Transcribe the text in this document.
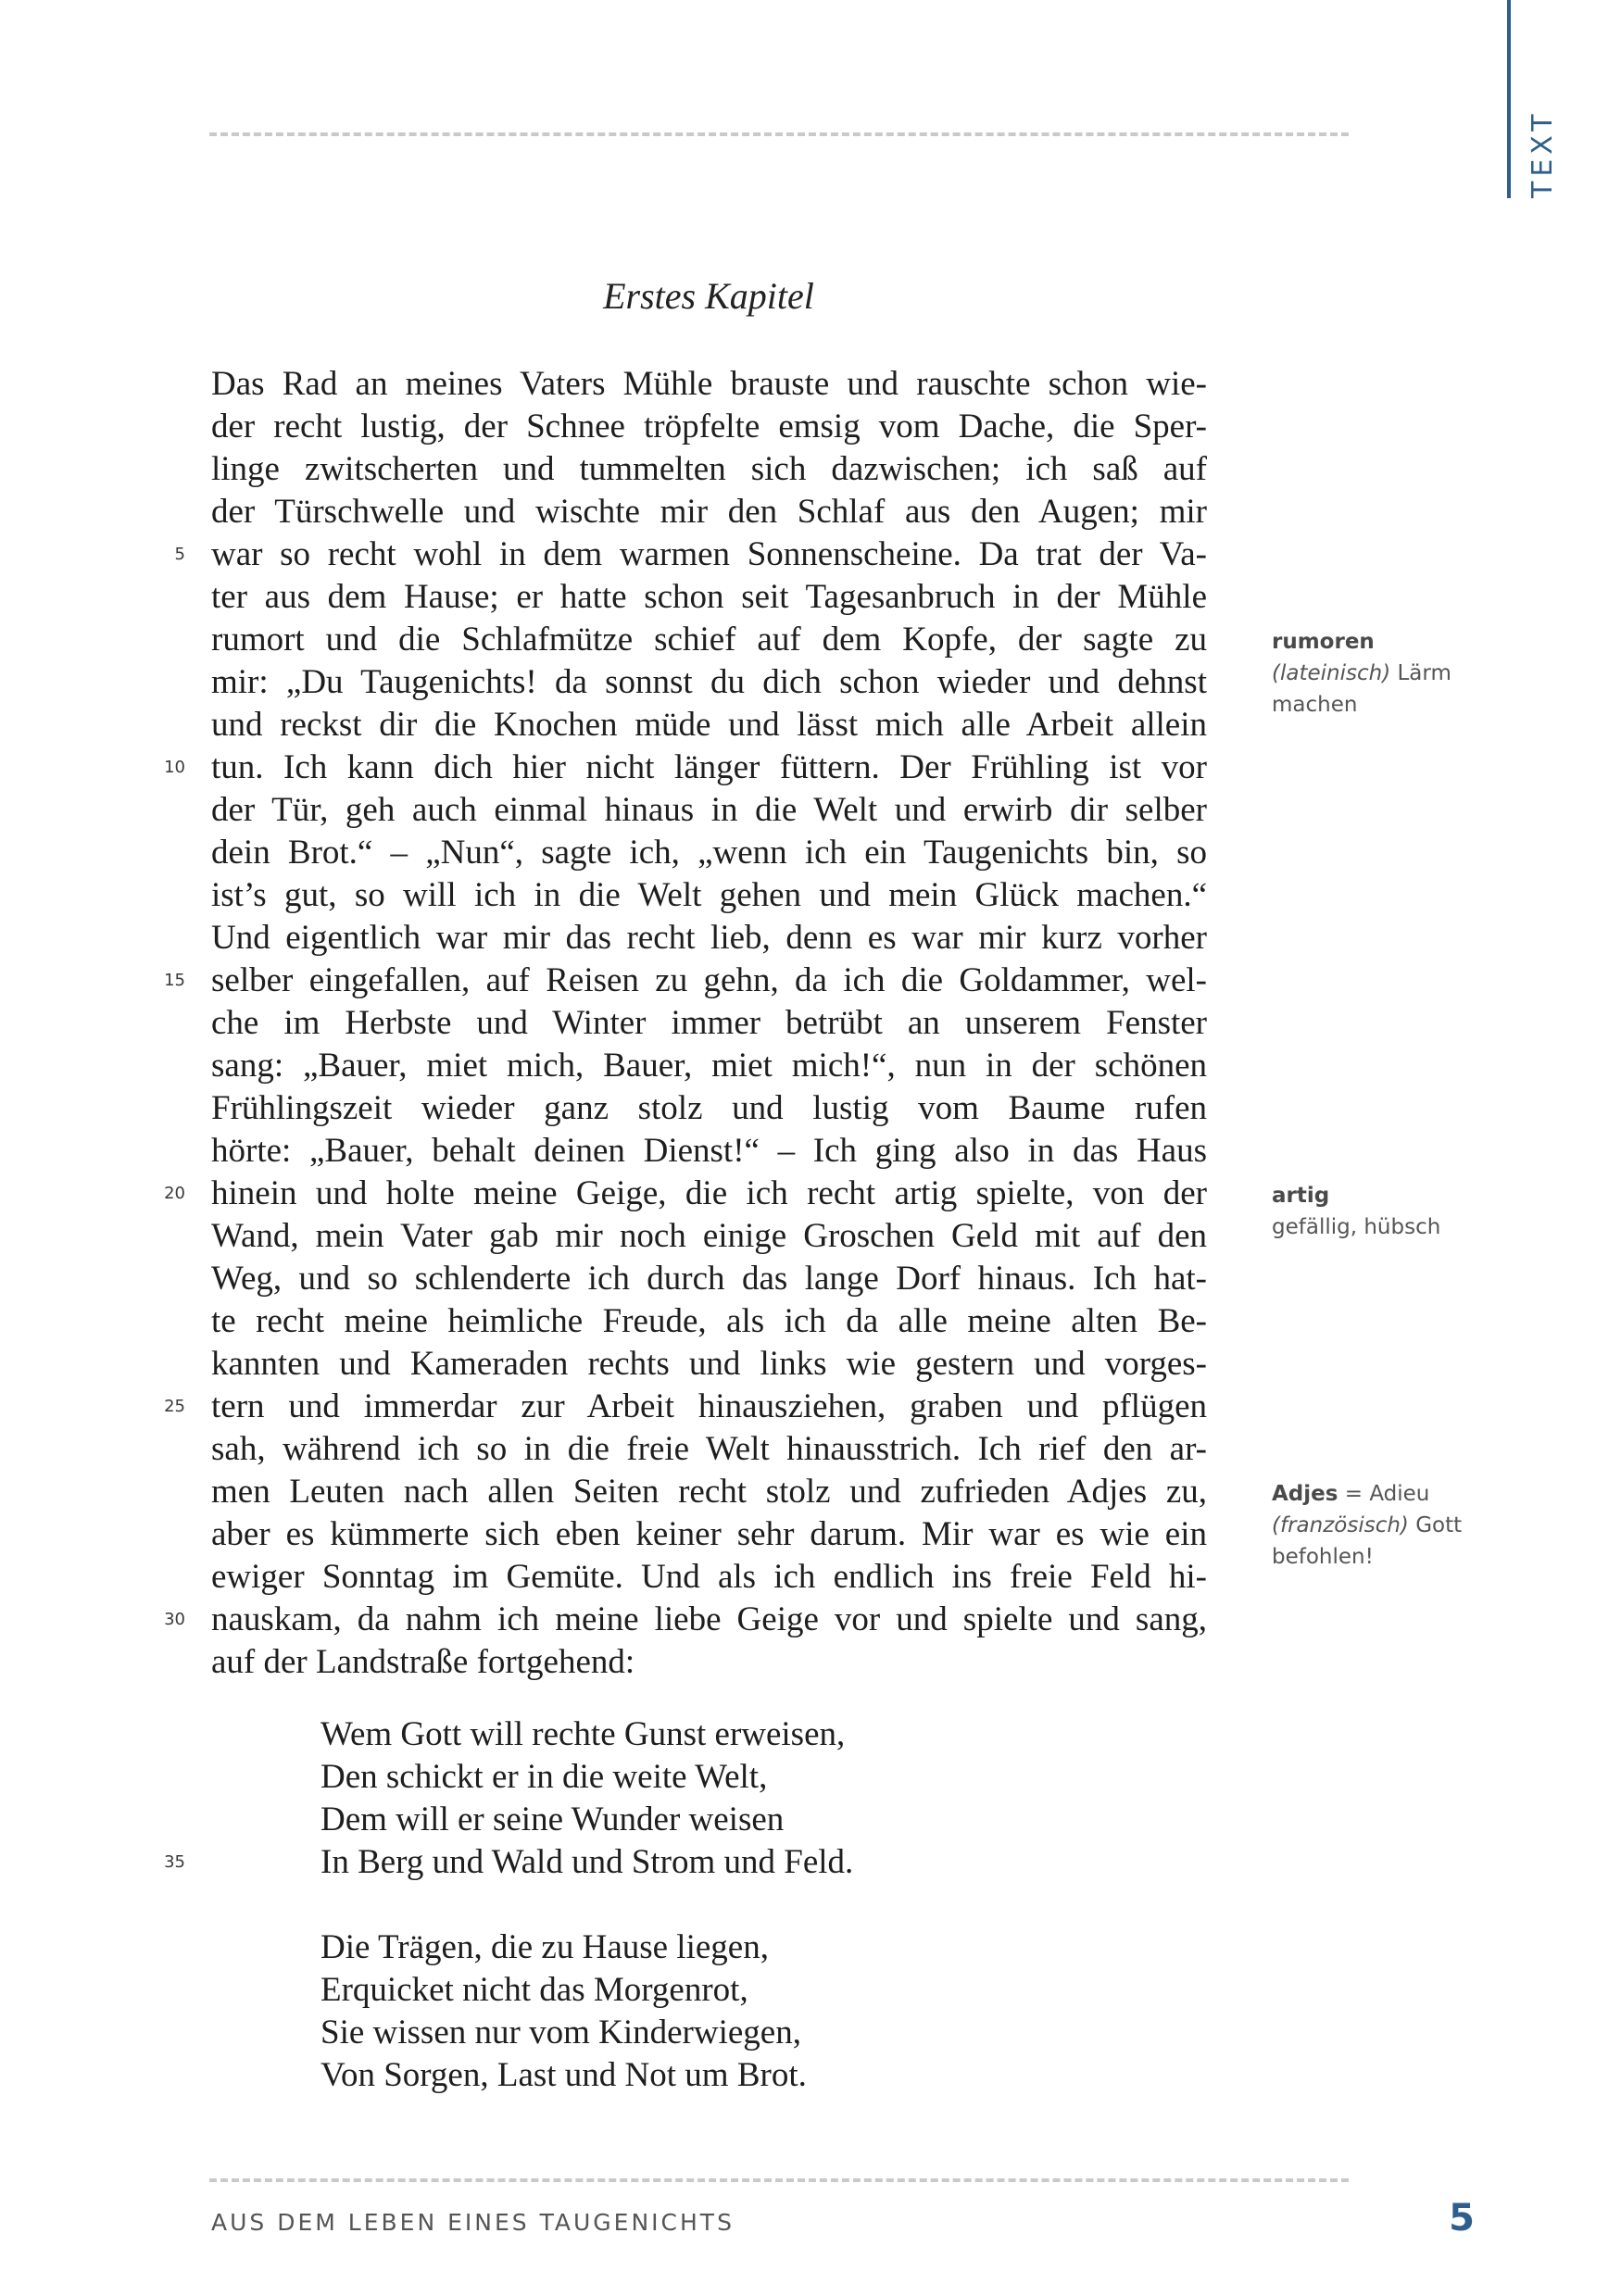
TEXT
Erstes Kapitel
Das Rad an meines Vaters Mühle brauste und rauschte schon wie-
der recht lustig, der Schnee tröpfelte emsig vom Dache, die Sper-
linge zwitscherten und tummelten sich dazwischen; ich saß auf
der Türschwelle und wischte mir den Schlaf aus den Augen; mir
war so recht wohl in dem warmen Sonnenscheine. Da trat der Va-
ter aus dem Hause; er hatte schon seit Tagesanbruch in der Mühle
rumort und die Schlafmütze schief auf dem Kopfe, der sagte zu
mir: „Du Taugenichts! da sonnst du dich schon wieder und dehnst
und reckst dir die Knochen müde und lässt mich alle Arbeit allein
tun. Ich kann dich hier nicht länger füttern. Der Frühling ist vor
der Tür, geh auch einmal hinaus in die Welt und erwirb dir selber
dein Brot.“ – „Nun“, sagte ich, „wenn ich ein Taugenichts bin, so
ist’s gut, so will ich in die Welt gehen und mein Glück machen.“
Und eigentlich war mir das recht lieb, denn es war mir kurz vorher
selber eingefallen, auf Reisen zu gehn, da ich die Goldammer, wel-
che im Herbste und Winter immer betrübt an unserem Fenster
sang: „Bauer, miet mich, Bauer, miet mich!“, nun in der schönen
Frühlingszeit wieder ganz stolz und lustig vom Baume rufen
hörte: „Bauer, behalt deinen Dienst!“ – Ich ging also in das Haus
hinein und holte meine Geige, die ich recht artig spielte, von der
Wand, mein Vater gab mir noch einige Groschen Geld mit auf den
Weg, und so schlenderte ich durch das lange Dorf hinaus. Ich hat-
te recht meine heimliche Freude, als ich da alle meine alten Be-
kannten und Kameraden rechts und links wie gestern und vorges-
tern und immerdar zur Arbeit hinausziehen, graben und pflügen
sah, während ich so in die freie Welt hinausstrich. Ich rief den ar-
men Leuten nach allen Seiten recht stolz und zufrieden Adjes zu,
aber es kümmerte sich eben keiner sehr darum. Mir war es wie ein
ewiger Sonntag im Gemüte. Und als ich endlich ins freie Feld hi-
nauskam, da nahm ich meine liebe Geige vor und spielte und sang,
auf der Landstraße fortgehend:
Wem Gott will rechte Gunst erweisen,
Den schickt er in die weite Welt,
Dem will er seine Wunder weisen
In Berg und Wald und Strom und Feld.
Die Trägen, die zu Hause liegen,
Erquicket nicht das Morgenrot,
Sie wissen nur vom Kinderwiegen,
Von Sorgen, Last und Not um Brot.
5
10
15
20
25
30
35
rumoren
(lateinisch) Lärm machen
artig
gefällig, hübsch
Adjes = Adieu
(französisch) Gott befohlen!
AUS DEM LEBEN EINES TAUGENICHTS	5
